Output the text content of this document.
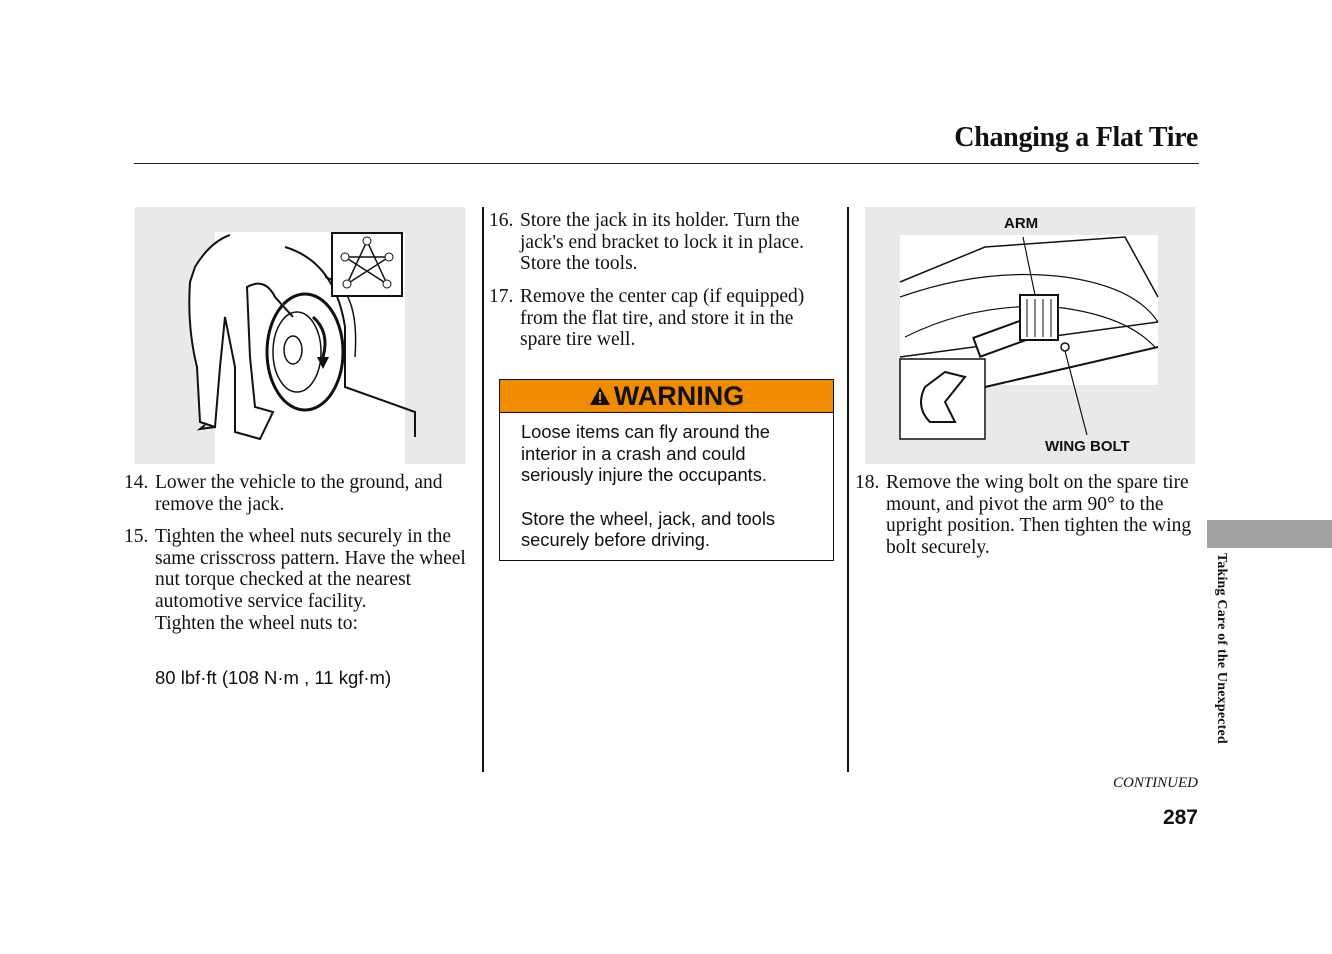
Changing a Flat Tire
14. Lower the vehicle to the ground, and remove the jack.
15. Tighten the wheel nuts securely in the same crisscross pattern. Have the wheel nut torque checked at the nearest automotive service facility.
Tighten the wheel nuts to:
80 lbf·ft (108 N·m , 11 kgf·m)
16. Store the jack in its holder. Turn the jack's end bracket to lock it in place. Store the tools.
17. Remove the center cap (if equipped) from the flat tire, and store it in the spare tire well.
WARNING

Loose items can fly around the interior in a crash and could seriously injure the occupants.

Store the wheel, jack, and tools securely before driving.

ARM
WING BOLT
18. Remove the wing bolt on the spare tire mount, and pivot the arm 90° to the upright position. Then tighten the wing bolt securely.
Taking Care of the Unexpected
CONTINUED
287
